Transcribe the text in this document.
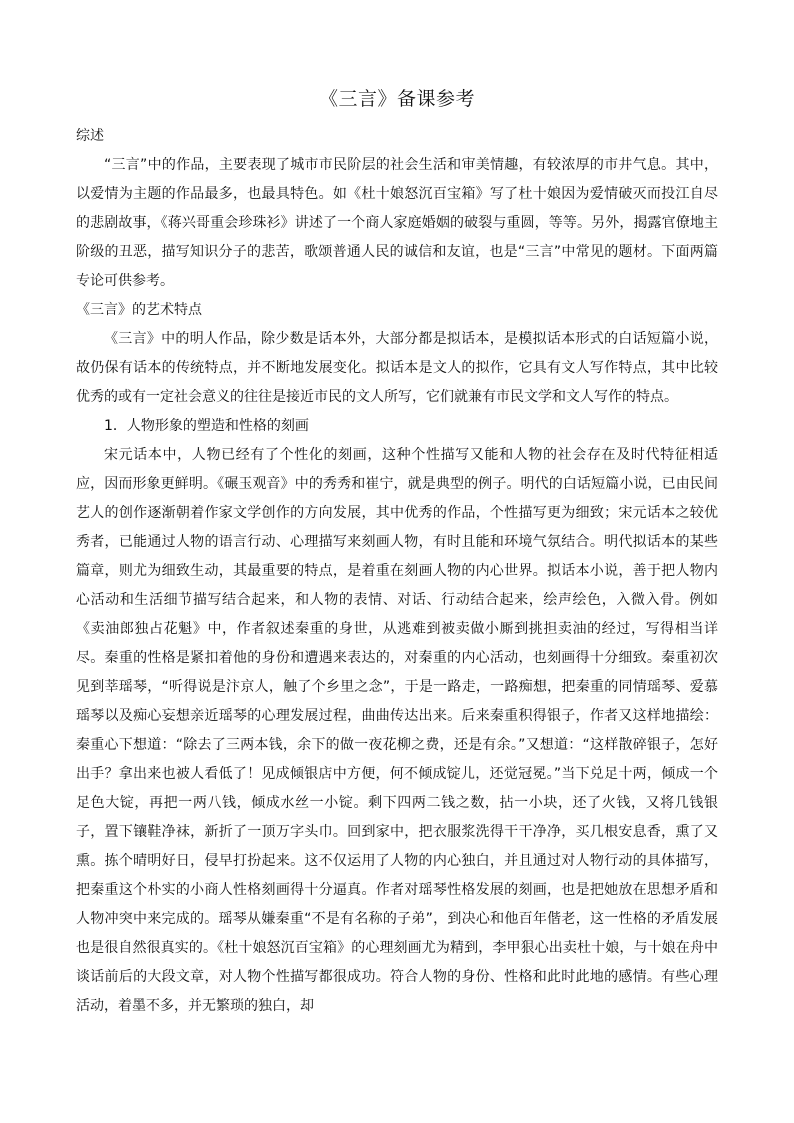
《三言》备课参考

综述

“三言”中的作品，主要表现了城市市民阶层的社会生活和审美情趣，有较浓厚的市井气息。其中，以爱情为主题的作品最多，也最具特色。如《杜十娘怒沉百宝箱》写了杜十娘因为爱情破灭而投江自尽的悲剧故事，《蒋兴哥重会珍珠衫》讲述了一个商人家庭婚姻的破裂与重圆，等等。另外，揭露官僚地主阶级的丑恶，描写知识分子的悲苦，歌颂普通人民的诚信和友谊，也是“三言”中常见的题材。下面两篇专论可供参考。

《三言》的艺术特点

《三言》中的明人作品，除少数是话本外，大部分都是拟话本，是模拟话本形式的白话短篇小说，故仍保有话本的传统特点，并不断地发展变化。拟话本是文人的拟作，它具有文人写作特点，其中比较优秀的或有一定社会意义的往往是接近市民的文人所写，它们就兼有市民文学和文人写作的特点。

1．人物形象的塑造和性格的刻画

宋元话本中，人物已经有了个性化的刻画，这种个性描写又能和人物的社会存在及时代特征相适应，因而形象更鲜明。《碾玉观音》中的秀秀和崔宁，就是典型的例子。明代的白话短篇小说，已由民间艺人的创作逐渐朝着作家文学创作的方向发展，其中优秀的作品，个性描写更为细致；宋元话本之较优秀者，已能通过人物的语言行动、心理描写来刻画人物，有时且能和环境气氛结合。明代拟话本的某些篇章，则尤为细致生动，其最重要的特点，是着重在刻画人物的内心世界。拟话本小说，善于把人物内心活动和生活细节描写结合起来，和人物的表情、对话、行动结合起来，绘声绘色，入微入骨。例如《卖油郎独占花魁》中，作者叙述秦重的身世，从逃难到被卖做小厮到挑担卖油的经过，写得相当详尽。秦重的性格是紧扣着他的身份和遭遇来表达的，对秦重的内心活动，也刻画得十分细致。秦重初次见到莘瑶琴，“听得说是汴京人，触了个乡里之念”，于是一路走，一路痴想，把秦重的同情瑶琴、爱慕瑶琴以及痴心妄想亲近瑶琴的心理发展过程，曲曲传达出来。后来秦重积得银子，作者又这样地描绘：秦重心下想道：“除去了三两本钱，余下的做一夜花柳之费，还是有余。”又想道：“这样散碎银子，怎好出手？拿出来也被人看低了！见成倾银店中方便，何不倾成锭儿，还觉冠冕。”当下兑足十两，倾成一个足色大锭，再把一两八钱，倾成水丝一小锭。剩下四两二钱之数，拈一小块，还了火钱，又将几钱银子，置下镶鞋净袜，新折了一顶万字头巾。回到家中，把衣服浆洗得干干净净，买几根安息香，熏了又熏。拣个晴明好日，侵早打扮起来。这不仅运用了人物的内心独白，并且通过对人物行动的具体描写，把秦重这个朴实的小商人性格刻画得十分逼真。作者对瑶琴性格发展的刻画，也是把她放在思想矛盾和人物冲突中来完成的。瑶琴从嫌秦重“不是有名称的子弟”，到决心和他百年偕老，这一性格的矛盾发展也是很自然很真实的。《杜十娘怒沉百宝箱》的心理刻画尤为精到，李甲狠心出卖杜十娘，与十娘在舟中谈话前后的大段文章，对人物个性描写都很成功。符合人物的身份、性格和此时此地的感情。有些心理活动，着墨不多，并无繁琐的独白，却
